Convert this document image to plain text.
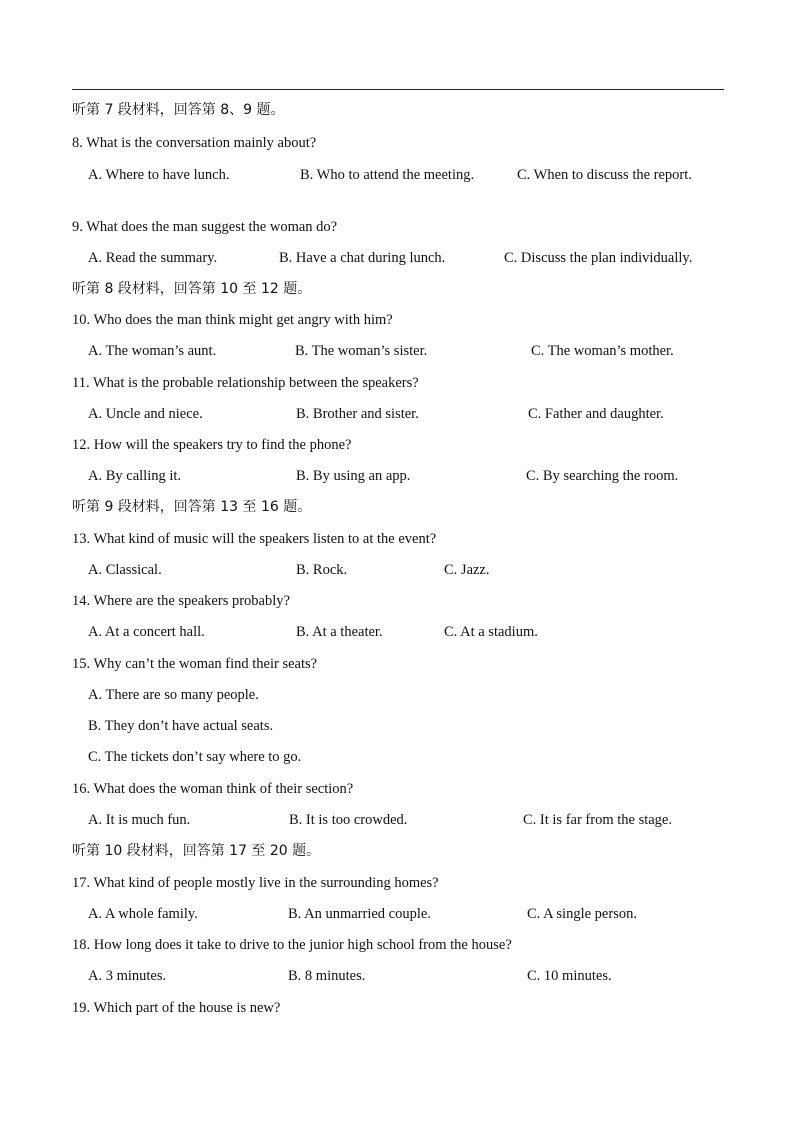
听第 7 段材料，回答第 8、9 题。
8. What is the conversation mainly about?
A. Where to have lunch.	B. Who to attend the meeting.	C. When to discuss the report.
9. What does the man suggest the woman do?
A. Read the summary.	B. Have a chat during lunch.	C. Discuss the plan individually.
听第 8 段材料，回答第 10 至 12 题。
10. Who does the man think might get angry with him?
A. The woman’s aunt.	B. The woman’s sister.	C. The woman’s mother.
11. What is the probable relationship between the speakers?
A. Uncle and niece.	B. Brother and sister.	C. Father and daughter.
12. How will the speakers try to find the phone?
A. By calling it.	B. By using an app.	C. By searching the room.
听第 9 段材料，回答第 13 至 16 题。
13. What kind of music will the speakers listen to at the event?
A. Classical.	B. Rock.	C. Jazz.
14. Where are the speakers probably?
A. At a concert hall.	B. At a theater.	C. At a stadium.
15. Why can’t the woman find their seats?
A. There are so many people.
B. They don’t have actual seats.
C. The tickets don’t say where to go.
16. What does the woman think of their section?
A. It is much fun.	B. It is too crowded.	C. It is far from the stage.
听第 10 段材料，回答第 17 至 20 题。
17. What kind of people mostly live in the surrounding homes?
A. A whole family.	B. An unmarried couple.	C. A single person.
18. How long does it take to drive to the junior high school from the house?
A. 3 minutes.	B. 8 minutes.	C. 10 minutes.
19. Which part of the house is new?
